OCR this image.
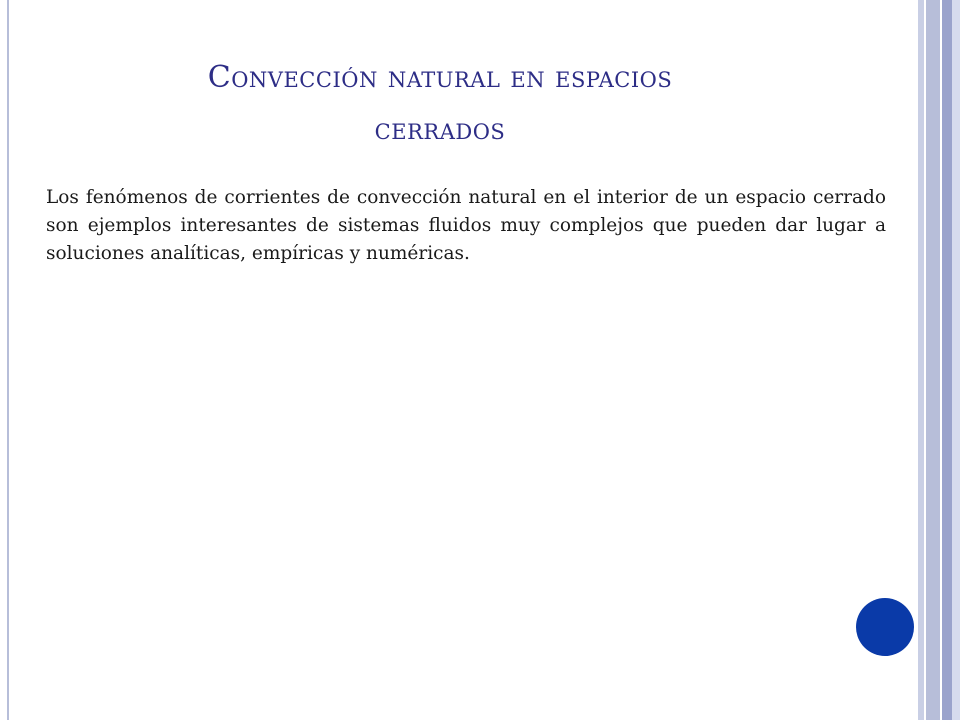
Convección natural en espacios
cerrados

Los fenómenos de corrientes de convección natural en el interior de un espacio cerrado son ejemplos interesantes de sistemas fluidos muy complejos que pueden dar lugar a soluciones analíticas, empíricas y numéricas.
